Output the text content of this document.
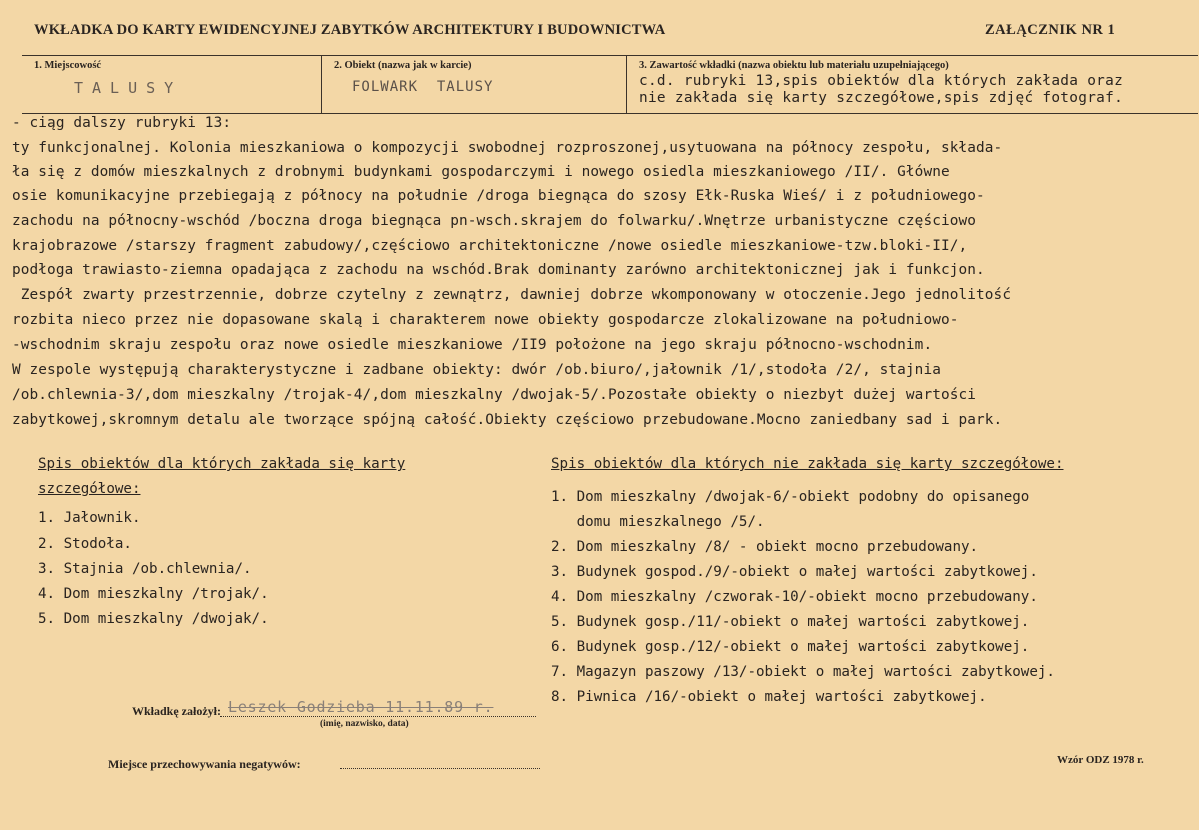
WKŁADKA DO KARTY EWIDENCYJNEJ ZABYTKÓW ARCHITEKTURY I BUDOWNICTWA	ZAŁĄCZNIK NR 1
1. Miejscowość
TALUSY
2. Obiekt (nazwa jak w karcie)
FOLWARK  TALUSY
3. Zawartość wkładki (nazwa obiektu lub materiału uzupełniającego)
c.d. rubryki 13,spis obiektów dla których zakłada oraz
nie zakłada się karty szczegółowe,spis zdjęć fotograf.
- ciąg dalszy rubryki 13:
ty funkcjonalnej. Kolonia mieszkaniowa o kompozycji swobodnej rozproszonej,usytuowana na północy zespołu, składa-
ła się z domów mieszkalnych z drobnymi budynkami gospodarczymi i nowego osiedla mieszkaniowego /II/. Główne
osie komunikacyjne przebiegają z północy na południe /droga biegnąca do szosy Ełk-Ruska Wieś/ i z południowego-
zachodu na północny-wschód /boczna droga biegnąca pn-wsch.skrajem do folwarku/.Wnętrze urbanistyczne częściowo
krajobrazowe /starszy fragment zabudowy/,częściowo architektoniczne /nowe osiedle mieszkaniowe-tzw.bloki-II/,
podłoga trawiasto-ziemna opadająca z zachodu na wschód.Brak dominanty zarówno architektonicznej jak i funkcjon.
Zespół zwarty przestrzennie, dobrze czytelny z zewnątrz, dawniej dobrze wkomponowany w otoczenie.Jego jednolitość
rozbita nieco przez nie dopasowane skalą i charakterem nowe obiekty gospodarcze zlokalizowane na południowo-
-wschodnim skraju zespołu oraz nowe osiedle mieszkaniowe /II9 położone na jego skraju północno-wschodnim.
W zespole występują charakterystyczne i zadbane obiekty: dwór /ob.biuro/,jałownik /1/,stodoła /2/, stajnia
/ob.chlewnia-3/,dom mieszkalny /trojak-4/,dom mieszkalny /dwojak-5/.Pozostałe obiekty o niezbyt dużej wartości
zabytkowej,skromnym detalu ale tworzące spójną całość.Obiekty częściowo przebudowane.Mocno zaniedbany sad i park.
Spis obiektów dla których zakłada się karty
szczegółowe:
1. Jałownik.
2. Stodoła.
3. Stajnia /ob.chlewnia/.
4. Dom mieszkalny /trojak/.
5. Dom mieszkalny /dwojak/.
Spis obiektów dla których nie zakłada się karty szczegółowe:
1. Dom mieszkalny /dwojak-6/-obiekt podobny do opisanego
domu mieszkalnego /5/.
2. Dom mieszkalny /8/ - obiekt mocno przebudowany.
3. Budynek gospod./9/-obiekt o małej wartości zabytkowej.
4. Dom mieszkalny /czworak-10/-obiekt mocno przebudowany.
5. Budynek gosp./11/-obiekt o małej wartości zabytkowej.
6. Budynek gosp./12/-obiekt o małej wartości zabytkowej.
7. Magazyn paszowy /13/-obiekt o małej wartości zabytkowej.
8. Piwnica /16/-obiekt o małej wartości zabytkowej.
Wkładkę założył: Leszek Godzieba 11.11.89 r.
(imię, nazwisko, data)
Miejsce przechowywania negatywów:	Wzór ODZ 1978 r.
